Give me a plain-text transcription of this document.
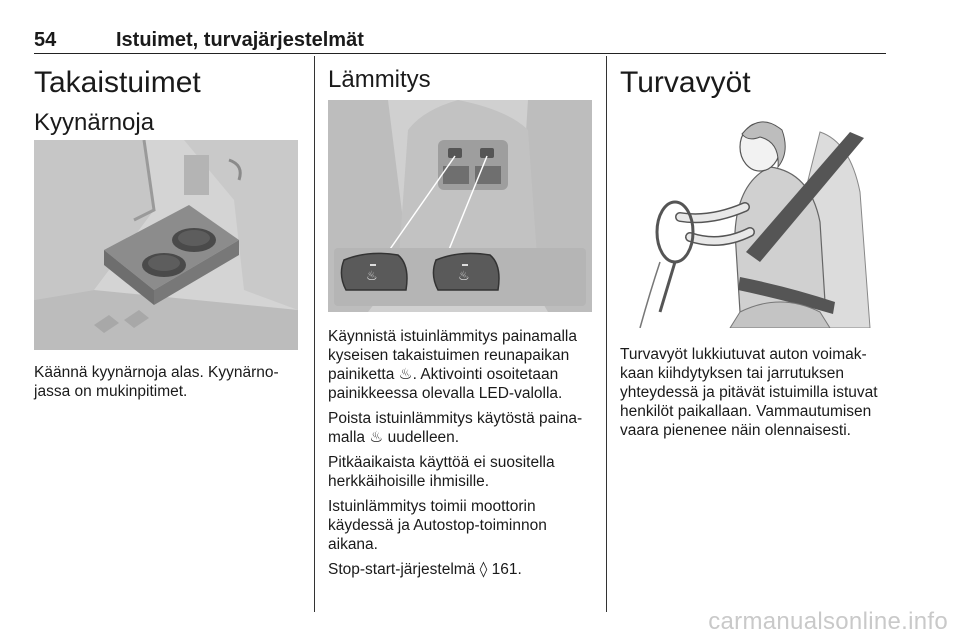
54	Istuimet, turvajärjestelmät
Takaistuimet
Kyynärnoja

Käännä kyynärnoja alas. Kyynärno-

jassa on mukinpitimet.

Lämmitys
♨	♨

Käynnistä istuinlämmitys painamalla

kyseisen takaistuimen reunapaikan

painiketta ♨. Aktivointi osoitetaan

painikkeessa olevalla LED-valolla.

Poista istuinlämmitys käytöstä paina-

malla ♨ uudelleen.

Pitkäaikaista käyttöä ei suositella

herkkäihoisille ihmisille.

Istuinlämmitys toimii moottorin

käydessä ja Autostop-toiminnon

aikana.

Stop-start-järjestelmä ◊ 161.

Turvavyöt

Turvavyöt lukkiutuvat auton voimak-

kaan kiihdytyksen tai jarrutuksen

yhteydessä ja pitävät istuimilla istuvat

henkilöt paikallaan. Vammautumisen

vaara pienenee näin olennaisesti.

carmanualsonline.info
